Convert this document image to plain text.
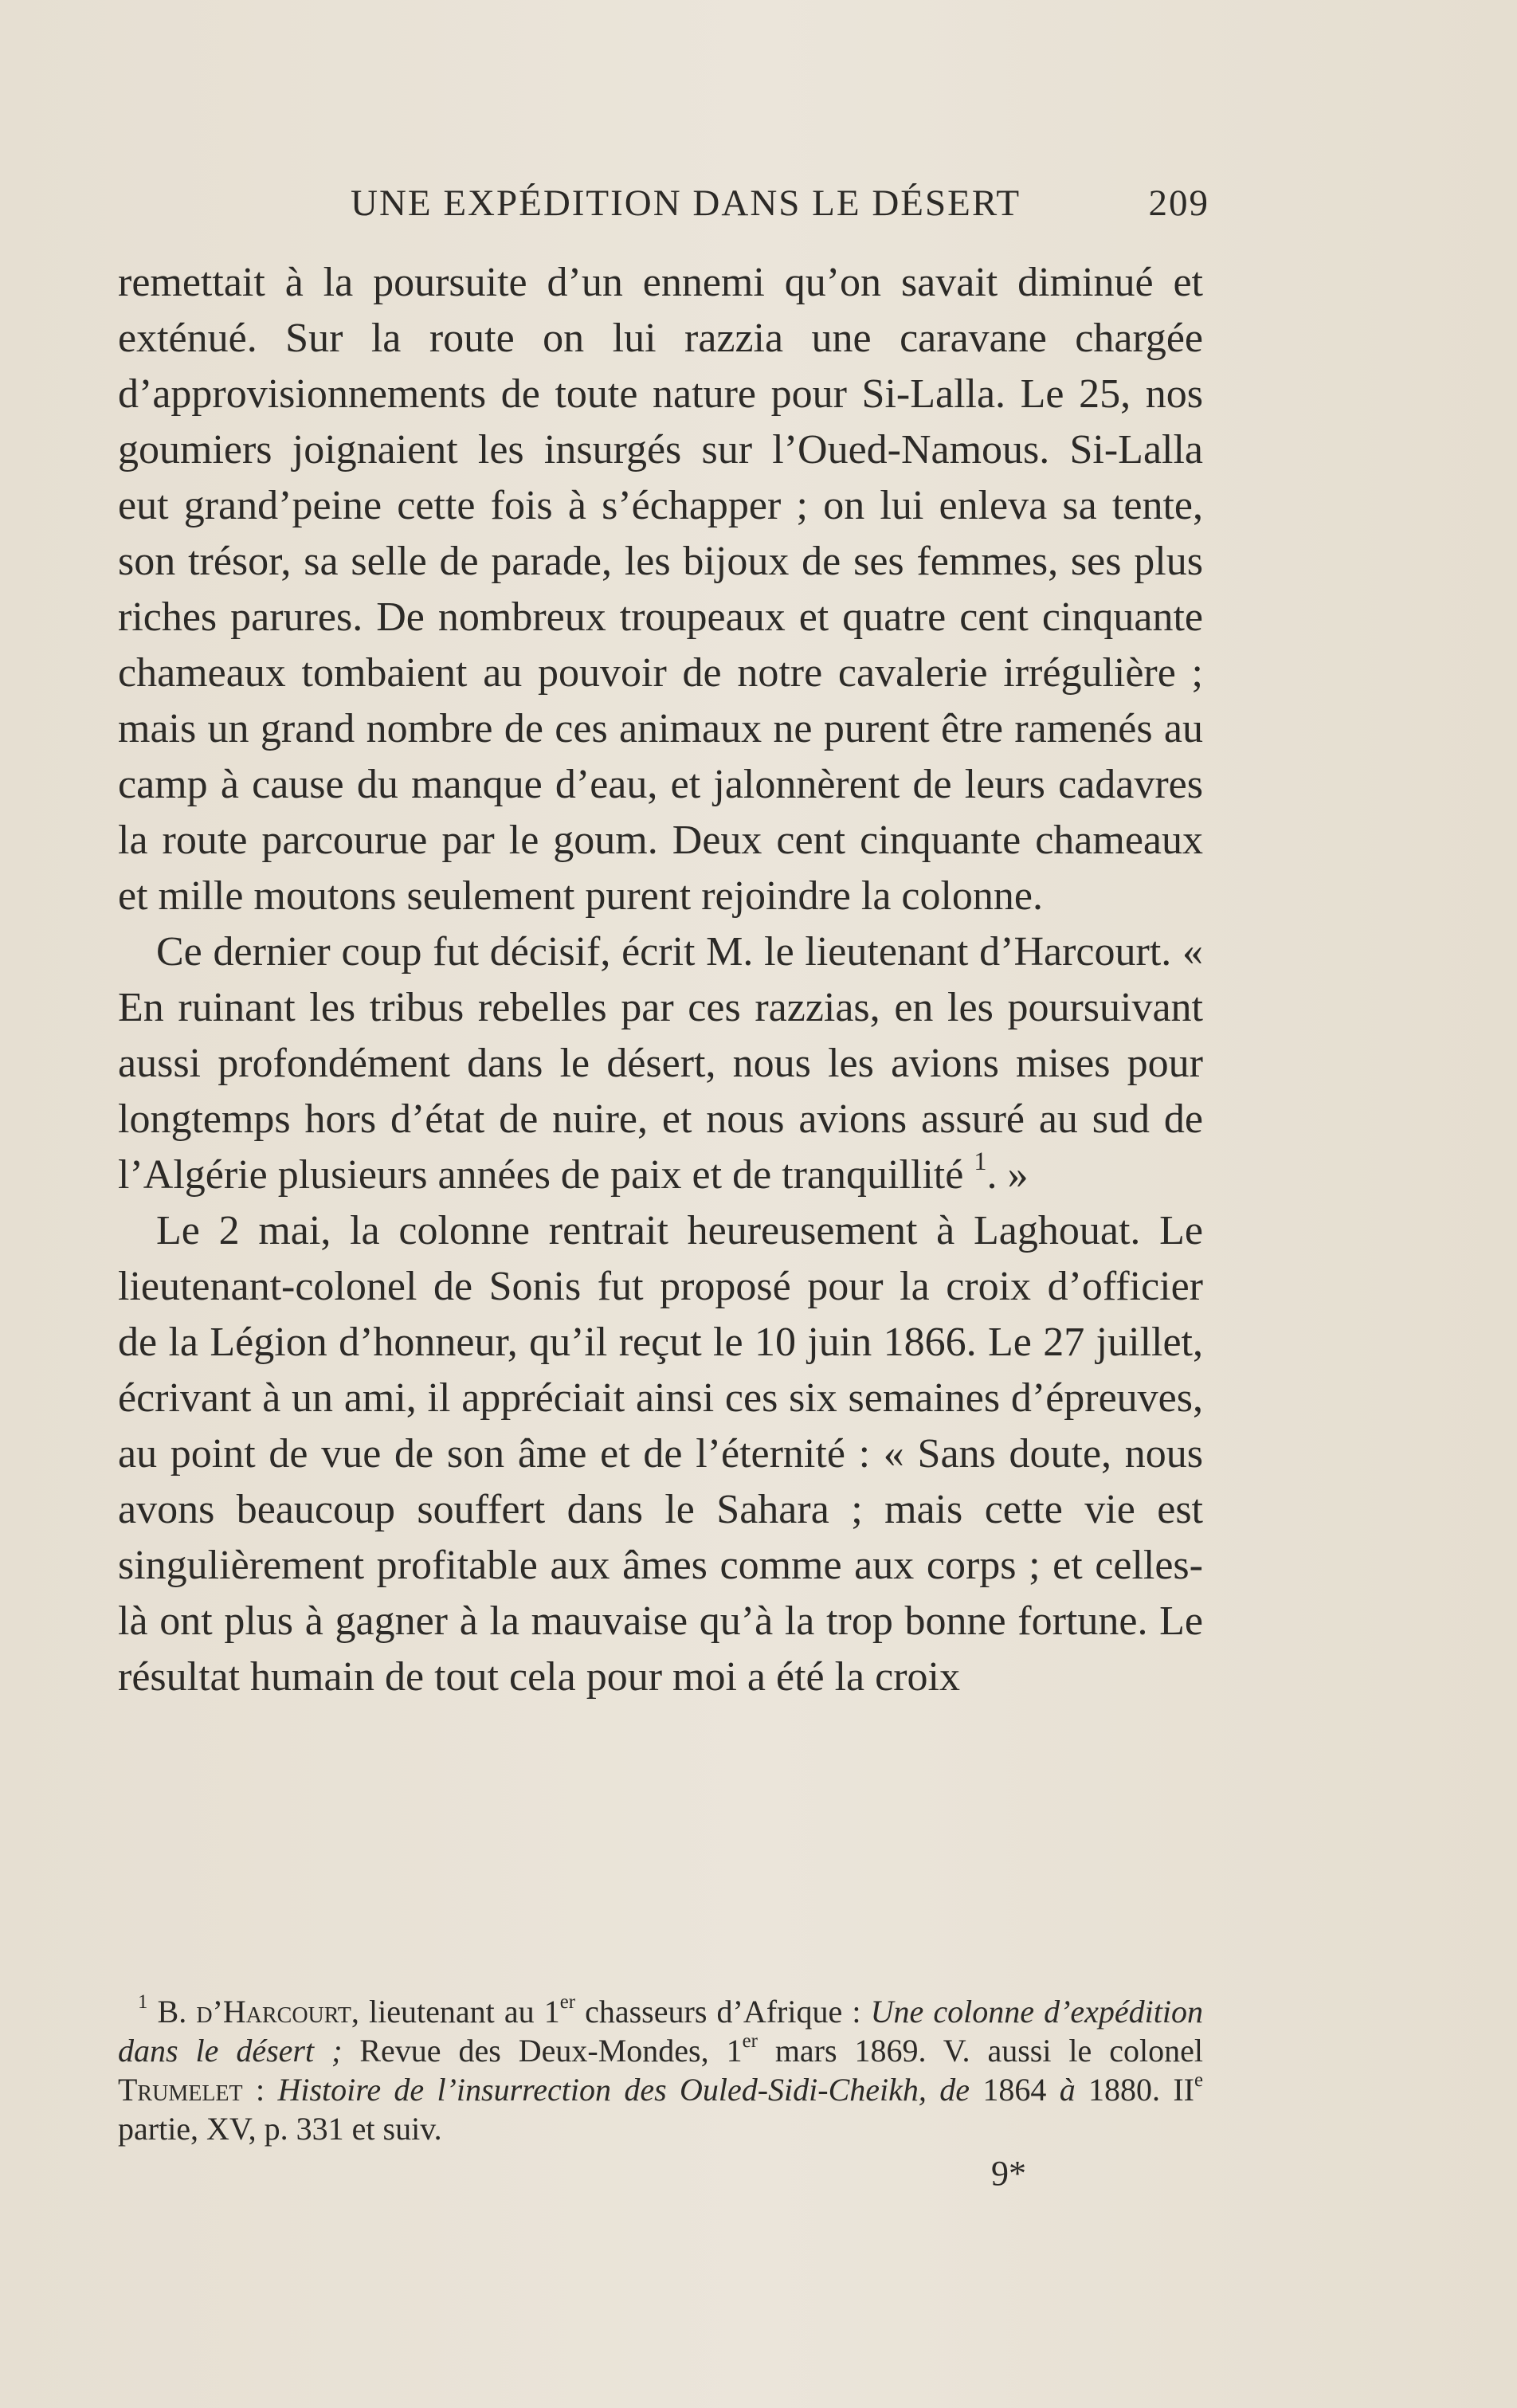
UNE EXPÉDITION DANS LE DÉSERT	209

remettait à la poursuite d’un ennemi qu’on savait diminué et exténué. Sur la route on lui razzia une caravane chargée d’approvisionnements de toute nature pour Si-Lalla. Le 25, nos goumiers joignaient les insurgés sur l’Oued-Namous. Si-Lalla eut grand’peine cette fois à s’échapper ; on lui enleva sa tente, son trésor, sa selle de parade, les bijoux de ses femmes, ses plus riches parures. De nombreux troupeaux et quatre cent cinquante chameaux tombaient au pouvoir de notre cavalerie irrégulière ; mais un grand nombre de ces animaux ne purent être ramenés au camp à cause du manque d’eau, et jalonnèrent de leurs cadavres la route parcourue par le goum. Deux cent cinquante chameaux et mille moutons seulement purent rejoindre la colonne.

Ce dernier coup fut décisif, écrit M. le lieutenant d’Harcourt. « En ruinant les tribus rebelles par ces razzias, en les poursuivant aussi profondément dans le désert, nous les avions mises pour longtemps hors d’état de nuire, et nous avions assuré au sud de l’Algérie plusieurs années de paix et de tranquillité $^1$. »

Le 2 mai, la colonne rentrait heureusement à Laghouat. Le lieutenant-colonel de Sonis fut proposé pour la croix d’officier de la Légion d’honneur, qu’il reçut le 10 juin 1866. Le 27 juillet, écrivant à un ami, il appréciait ainsi ces six semaines d’épreuves, au point de vue de son âme et de l’éternité : « Sans doute, nous avons beaucoup souffert dans le Sahara ; mais cette vie est singulièrement profitable aux âmes comme aux corps ; et celles-là ont plus à gagner à la mauvaise qu’à la trop bonne fortune. Le résultat humain de tout cela pour moi a été la croix

$^1$ B. d’Harcourt, lieutenant au 1er chasseurs d’Afrique : Une colonne d’expédition dans le désert ; Revue des Deux-Mondes, 1er mars 1869. V. aussi le colonel Trumelet : Histoire de l’insurrection des Ouled-Sidi-Cheikh, de 1864 à 1880. IIe partie, XV, p. 331 et suiv.

9*
